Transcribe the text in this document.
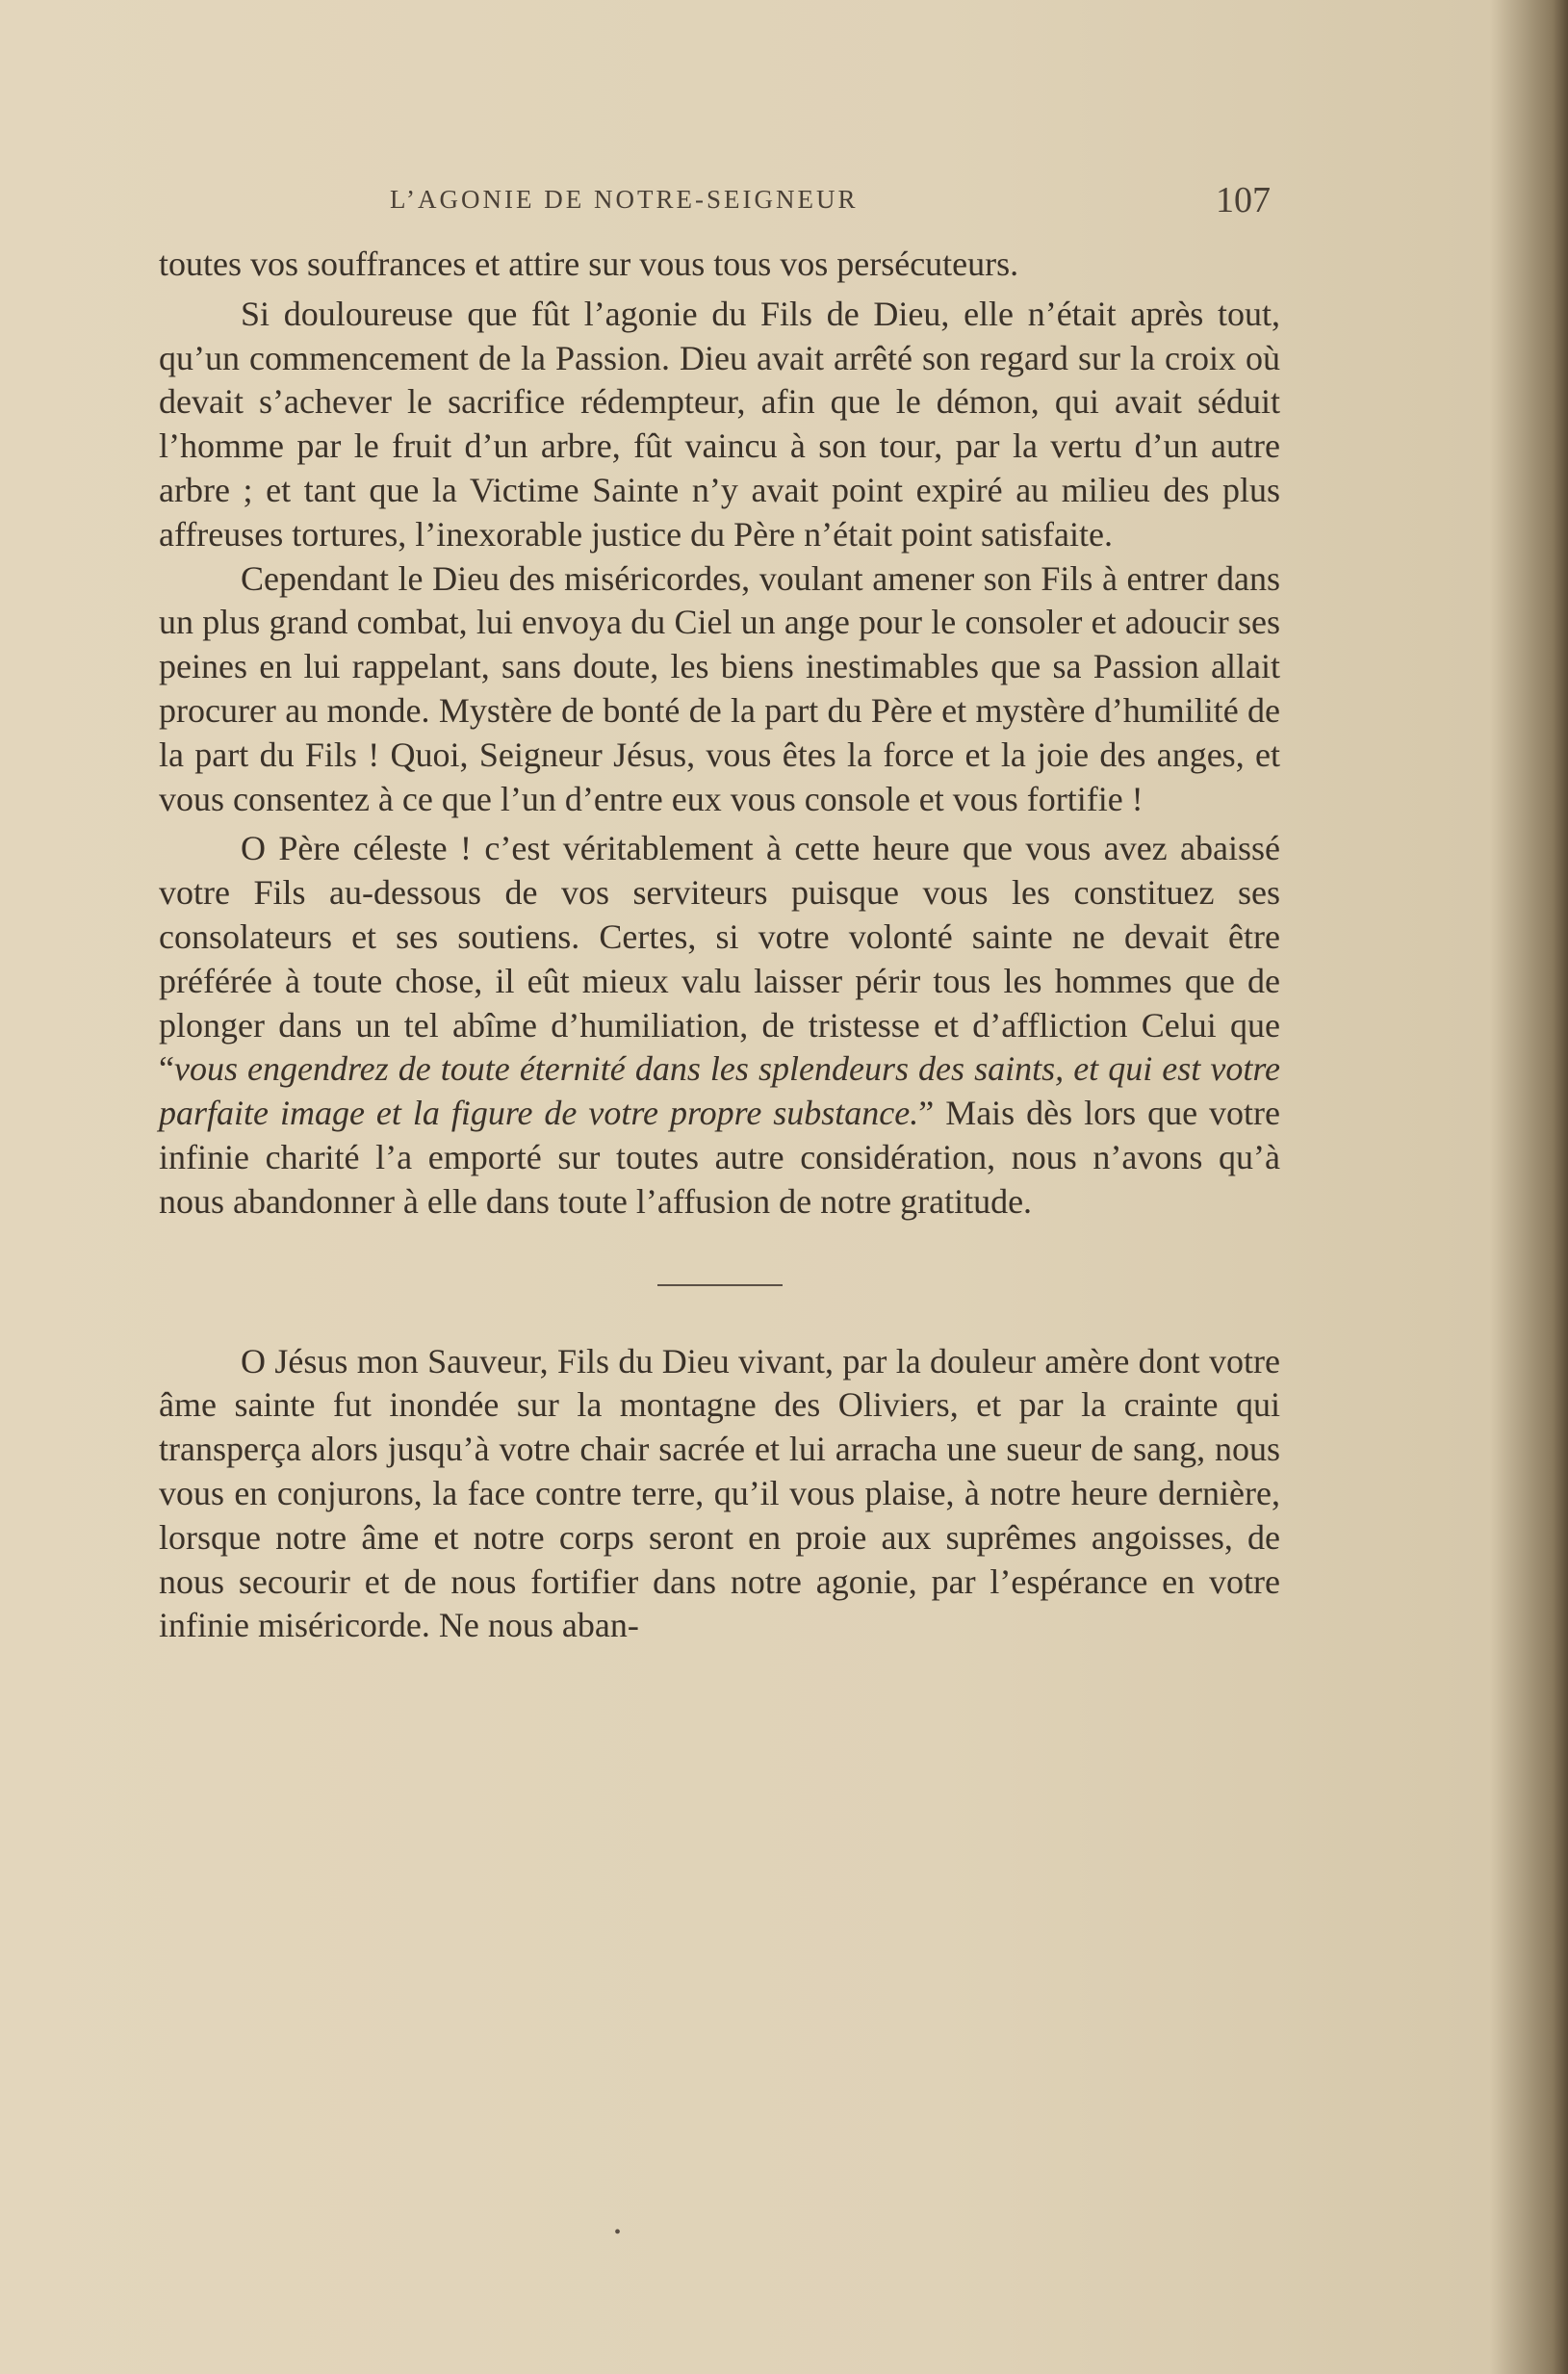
L’AGONIE DE NOTRE-SEIGNEUR	107

toutes vos souffrances et attire sur vous tous vos persécuteurs.

Si douloureuse que fût l’agonie du Fils de Dieu, elle n’était après tout, qu’un commencement de la Passion. Dieu avait arrêté son regard sur la croix où devait s’achever le sacrifice rédempteur, afin que le démon, qui avait séduit l’homme par le fruit d’un arbre, fût vaincu à son tour, par la vertu d’un autre arbre ; et tant que la Victime Sainte n’y avait point expiré au milieu des plus affreuses tortures, l’inexorable justice du Père n’était point satisfaite.

Cependant le Dieu des miséricordes, voulant amener son Fils à entrer dans un plus grand combat, lui envoya du Ciel un ange pour le consoler et adoucir ses peines en lui rappelant, sans doute, les biens inestimables que sa Passion allait procurer au monde. Mystère de bonté de la part du Père et mystère d’humilité de la part du Fils ! Quoi, Seigneur Jésus, vous êtes la force et la joie des anges, et vous consentez à ce que l’un d’entre eux vous console et vous fortifie !

O Père céleste ! c’est véritablement à cette heure que vous avez abaissé votre Fils au-dessous de vos serviteurs puisque vous les constituez ses consolateurs et ses soutiens. Certes, si votre volonté sainte ne devait être préférée à toute chose, il eût mieux valu laisser périr tous les hommes que de plonger dans un tel abîme d’humiliation, de tristesse et d’affliction Celui que “vous engendrez de toute éternité dans les splendeurs des saints, et qui est votre parfaite image et la figure de votre propre substance.” Mais dès lors que votre infinie charité l’a emporté sur toutes autre considération, nous n’avons qu’à nous abandonner à elle dans toute l’affusion de notre gratitude.

O Jésus mon Sauveur, Fils du Dieu vivant, par la douleur amère dont votre âme sainte fut inondée sur la montagne des Oliviers, et par la crainte qui transperça alors jusqu’à votre chair sacrée et lui arracha une sueur de sang, nous vous en conjurons, la face contre terre, qu’il vous plaise, à notre heure dernière, lorsque notre âme et notre corps seront en proie aux suprêmes angoisses, de nous secourir et de nous fortifier dans notre agonie, par l’espérance en votre infinie miséricorde. Ne nous aban-

•
